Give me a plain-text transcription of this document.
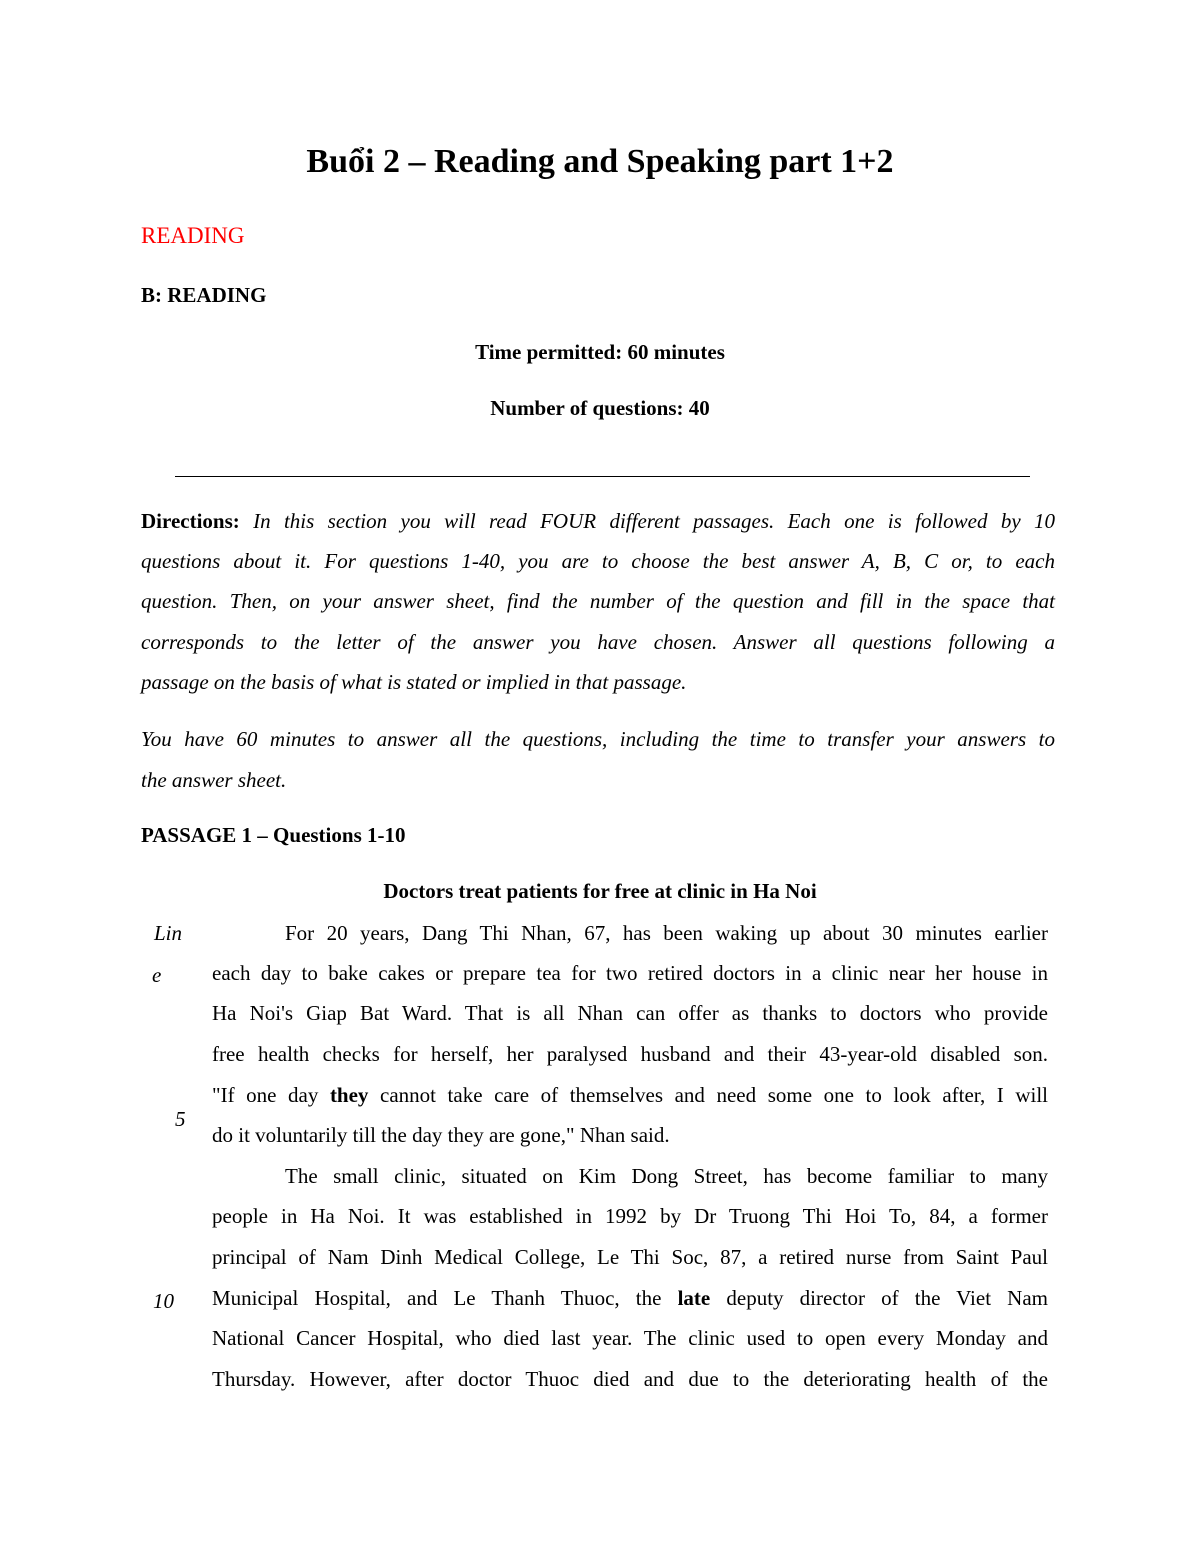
Buổi 2 – Reading and Speaking part 1+2
READING
B: READING
Time permitted: 60 minutes
Number of questions: 40
Directions: In this section you will read FOUR different passages. Each one is followed by 10
questions about it. For questions 1-40, you are to choose the best answer A, B, C or, to each
question. Then, on your answer sheet, find the number of the question and fill in the space that
corresponds to the letter of the answer you have chosen. Answer all questions following a
passage on the basis of what is stated or implied in that passage.
You have 60 minutes to answer all the questions, including the time to transfer your answers to
the answer sheet.
PASSAGE 1 – Questions 1-10
Doctors treat patients for free at clinic in Ha Noi
Lin
e
5
10
For 20 years, Dang Thi Nhan, 67, has been waking up about 30 minutes earlier
each day to bake cakes or prepare tea for two retired doctors in a clinic near her house in
Ha Noi's Giap Bat Ward. That is all Nhan can offer as thanks to doctors who provide
free health checks for herself, her paralysed husband and their 43-year-old disabled son.
"If one day they cannot take care of themselves and need some one to look after, I will
do it voluntarily till the day they are gone," Nhan said.
The small clinic, situated on Kim Dong Street, has become familiar to many
people in Ha Noi. It was established in 1992 by Dr Truong Thi Hoi To, 84, a former
principal of Nam Dinh Medical College, Le Thi Soc, 87, a retired nurse from Saint Paul
Municipal Hospital, and Le Thanh Thuoc, the late deputy director of the Viet Nam
National Cancer Hospital, who died last year. The clinic used to open every Monday and
Thursday. However, after doctor Thuoc died and due to the deteriorating health of the
